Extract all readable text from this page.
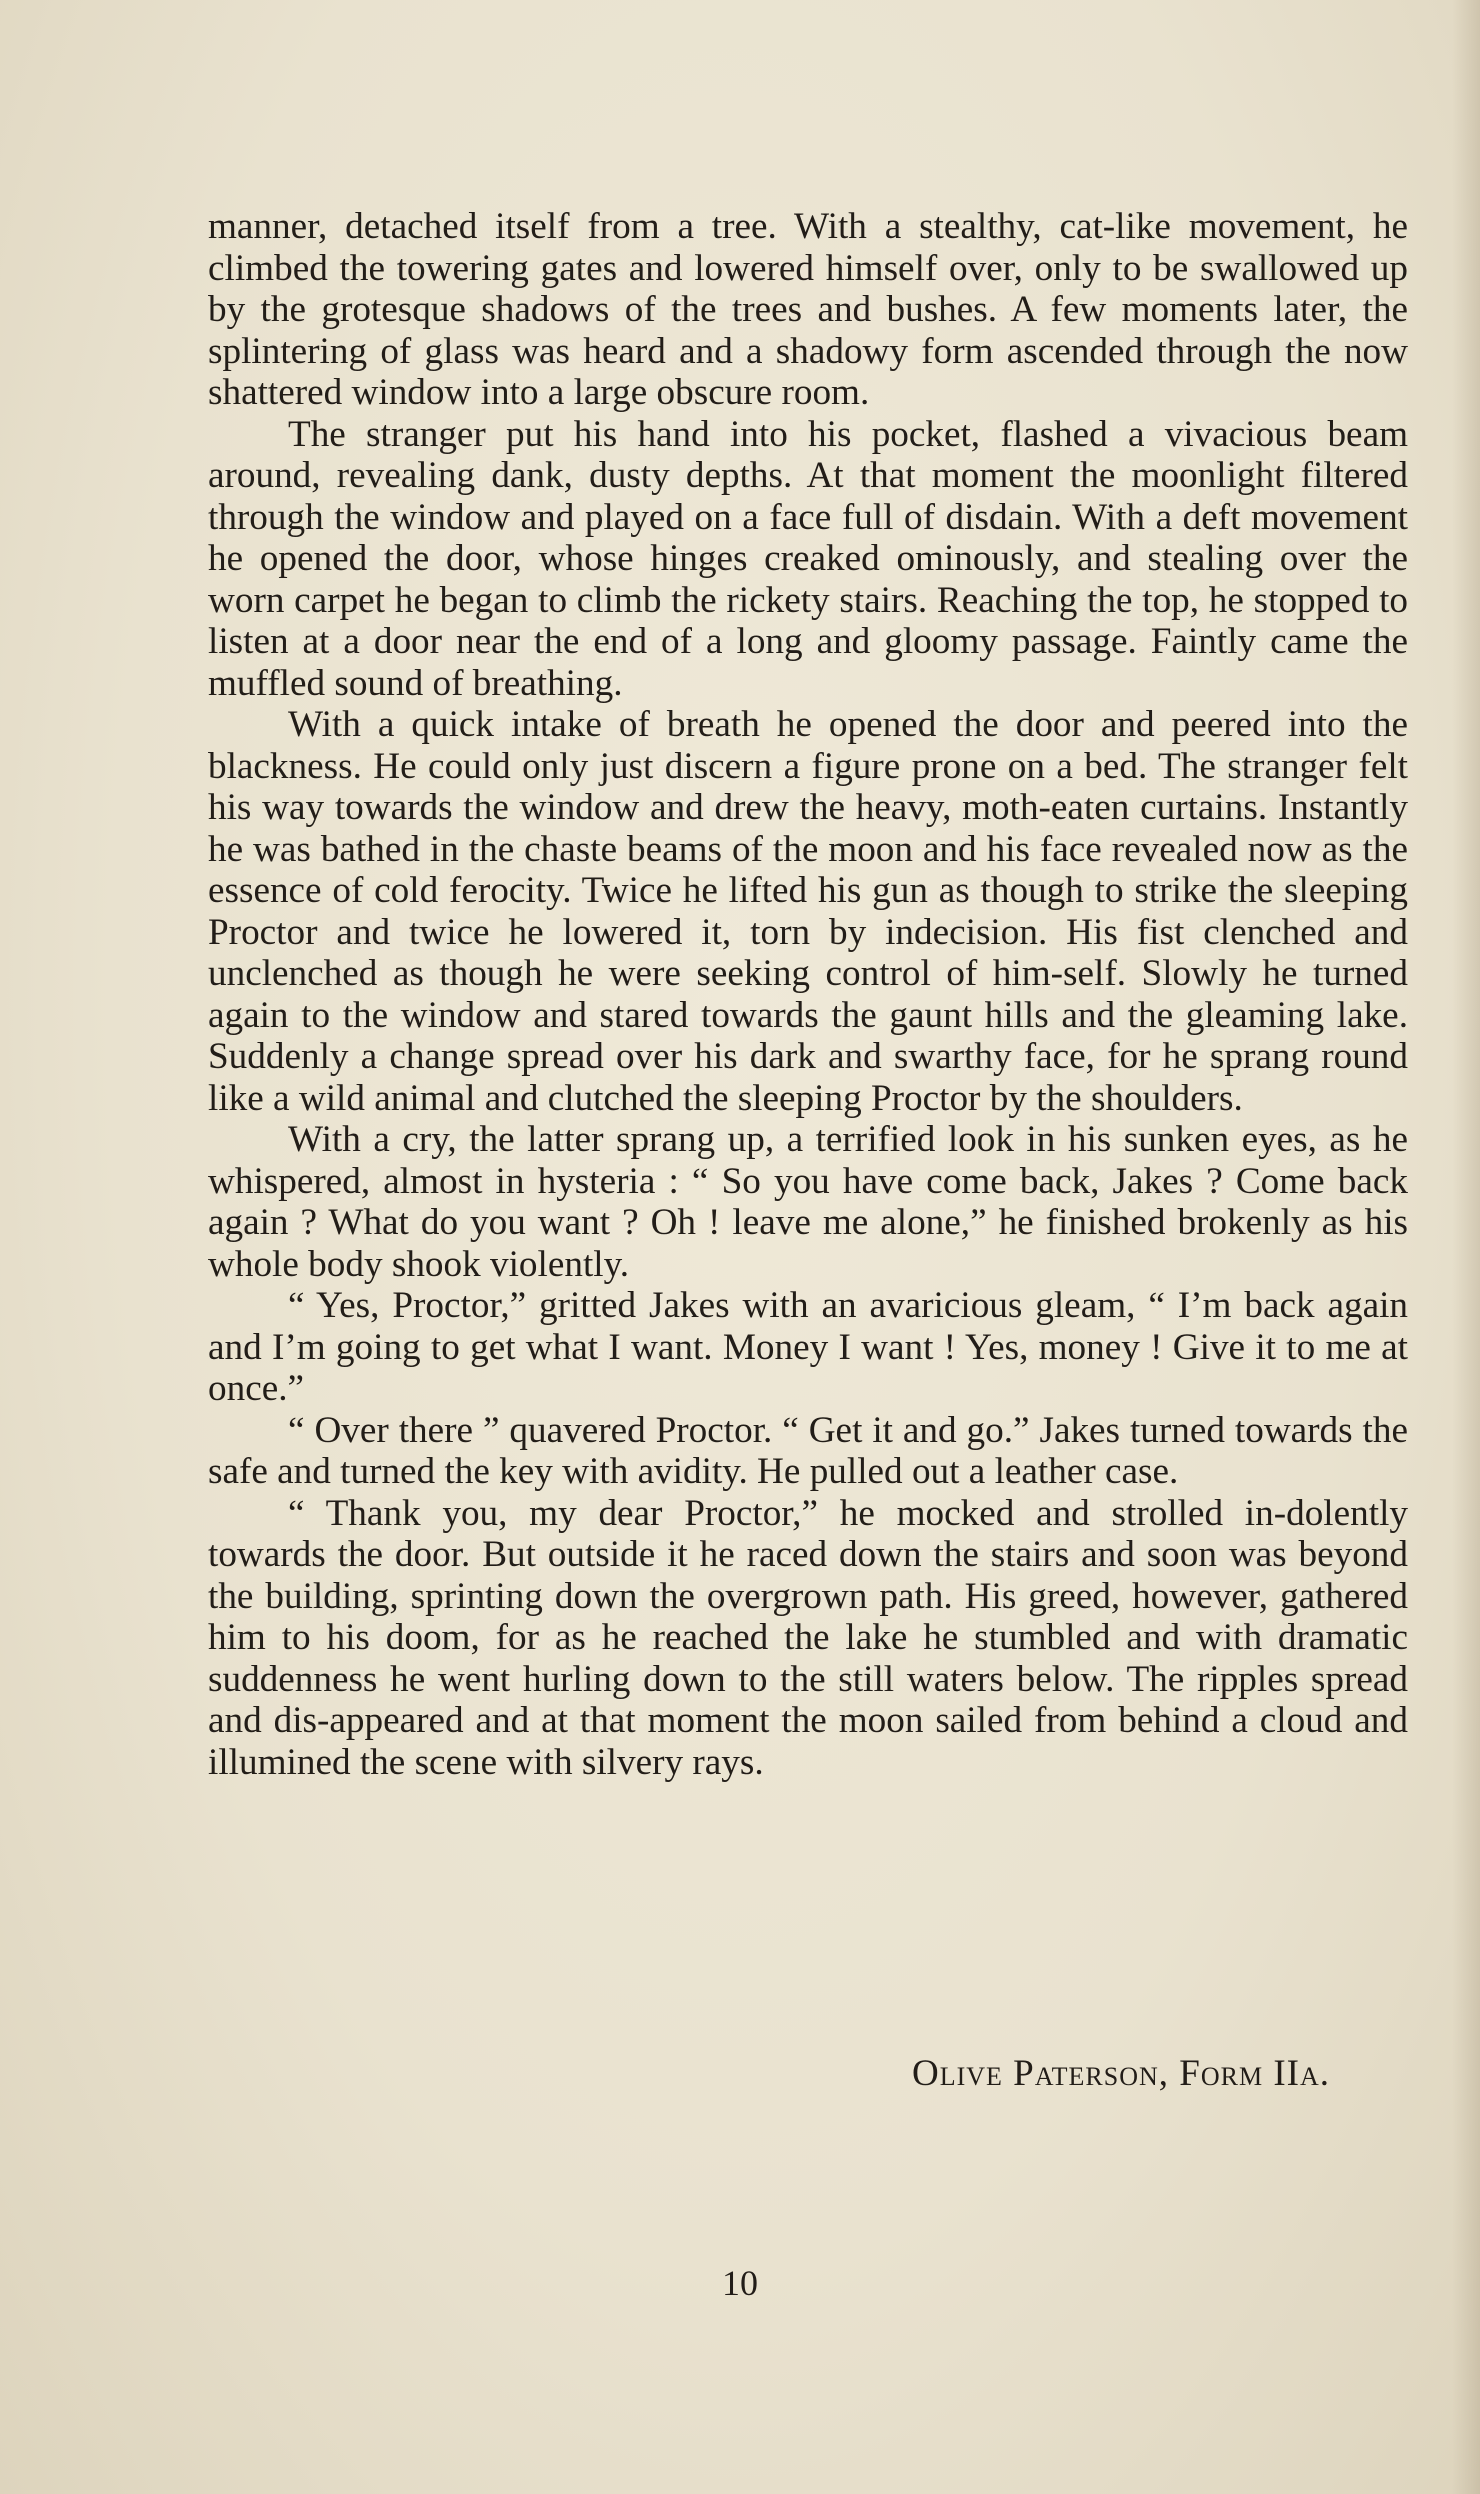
manner, detached itself from a tree. With a stealthy, cat-like movement, he climbed the towering gates and lowered himself over, only to be swallowed up by the grotesque shadows of the trees and bushes. A few moments later, the splintering of glass was heard and a shadowy form ascended through the now shattered window into a large obscure room.

The stranger put his hand into his pocket, flashed a vivacious beam around, revealing dank, dusty depths. At that moment the moonlight filtered through the window and played on a face full of disdain. With a deft movement he opened the door, whose hinges creaked ominously, and stealing over the worn carpet he began to climb the rickety stairs. Reaching the top, he stopped to listen at a door near the end of a long and gloomy passage. Faintly came the muffled sound of breathing.

With a quick intake of breath he opened the door and peered into the blackness. He could only just discern a figure prone on a bed. The stranger felt his way towards the window and drew the heavy, moth-eaten curtains. Instantly he was bathed in the chaste beams of the moon and his face revealed now as the essence of cold ferocity. Twice he lifted his gun as though to strike the sleeping Proctor and twice he lowered it, torn by indecision. His fist clenched and unclenched as though he were seeking control of him-self. Slowly he turned again to the window and stared towards the gaunt hills and the gleaming lake. Suddenly a change spread over his dark and swarthy face, for he sprang round like a wild animal and clutched the sleeping Proctor by the shoulders.

With a cry, the latter sprang up, a terrified look in his sunken eyes, as he whispered, almost in hysteria : “ So you have come back, Jakes ? Come back again ? What do you want ? Oh ! leave me alone,” he finished brokenly as his whole body shook violently.

“ Yes, Proctor,” gritted Jakes with an avaricious gleam, “ I’m back again and I’m going to get what I want. Money I want ! Yes, money ! Give it to me at once.”

“ Over there ” quavered Proctor. “ Get it and go.” Jakes turned towards the safe and turned the key with avidity. He pulled out a leather case.

“ Thank you, my dear Proctor,” he mocked and strolled in-dolently towards the door. But outside it he raced down the stairs and soon was beyond the building, sprinting down the overgrown path. His greed, however, gathered him to his doom, for as he reached the lake he stumbled and with dramatic suddenness he went hurling down to the still waters below. The ripples spread and dis-appeared and at that moment the moon sailed from behind a cloud and illumined the scene with silvery rays.

Olive Paterson, Form IIa.
10
